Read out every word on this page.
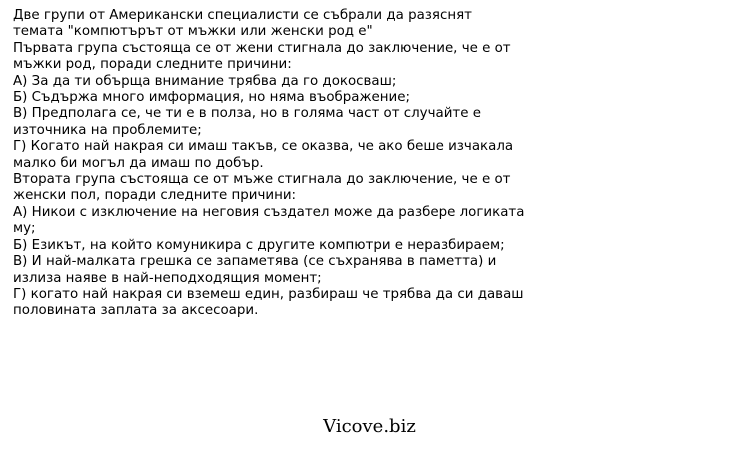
Две групи от Американски специалисти се събрали да разяснят
темата "компютърът от мъжки или женски род е"
Първата група състояща се от жени стигнала до заключение, че е от
мъжки род, поради следните причини:
А) За да ти обърща внимание трябва да го докосваш;
Б) Съдържа много имформация, но няма въображение;
В) Предполага се, че ти е в полза, но в голяма част от случайте е
източника на проблемите;
Г) Когато най накрая си имаш такъв, се оказва, че ако беше изчакала
малко би могъл да имаш по добър.
Втората група състояща се от мъже стигнала до заключение, че е от
женски пол, поради следните причини:
А) Никои с изключение на неговия създател може да разбере логиката
му;
Б) Езикът, на който комуникира с другите компютри е неразбираем;
В) И най-малката грешка се запаметява (се съхранява в паметта) и
излиза наяве в най-неподходящия момент;
Г) когато най накрая си вземеш един, разбираш че трябва да си даваш
половината заплата за аксесоари.
Vicove.biz
